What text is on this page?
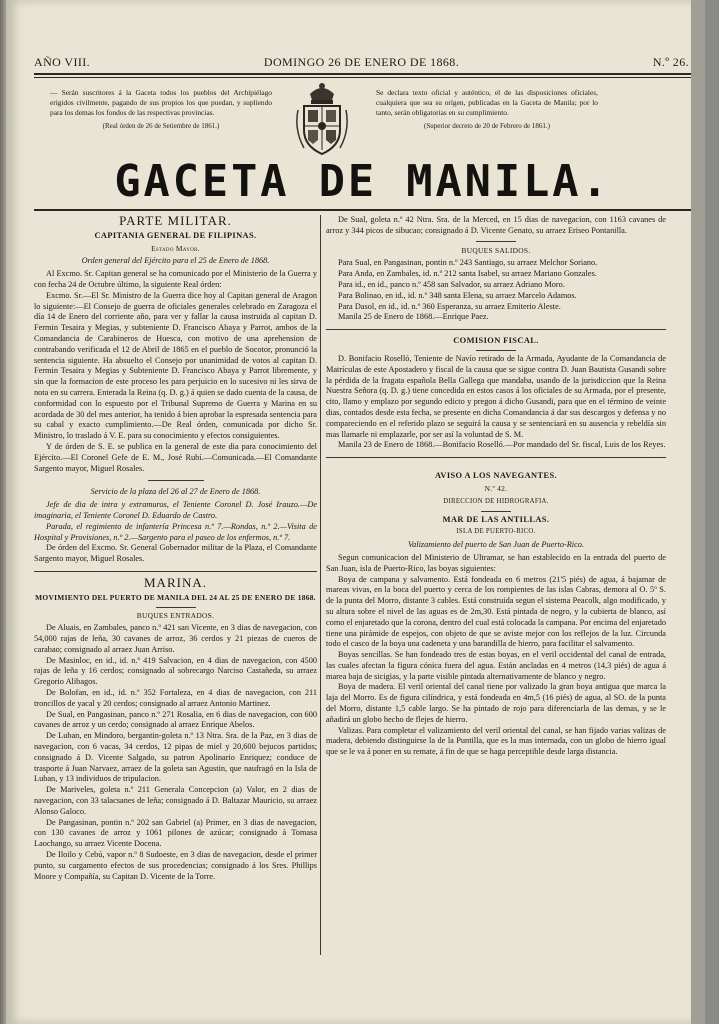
AÑO VIII.	DOMINGO 26 DE ENERO DE 1868.	N.º 26.
— Serán suscritores á la Gaceta todos los pueblos del Archipiélago erigidos civilmente, pagando de sus propios los que puedan, y supliendo para los demas los fondos de las respectivas provincias.
(Real órden de 26 de Setiembre de 1861.)
Se declara texto oficial y auténtico, el de las disposiciones oficiales, cualquiera que sea su orígen, publicadas en la Gaceta de Manila; por lo tanto, serán obligatorias en su cumplimiento.
(Superior decreto de 20 de Febrero de 1861.)
GACETA DE MANILA.
PARTE MILITAR.
CAPITANIA GENERAL DE FILIPINAS.
Estado Mayor.
Orden general del Ejército para el 25 de Enero de 1868.

Al Excmo. Sr. Capitan general se ha comunicado por el Ministerio de la Guerra y con fecha 24 de Octubre último, la siguiente Real órden:

Excmo. Sr.—El Sr. Ministro de la Guerra dice hoy al Capitan general de Aragon lo siguiente:—El Consejo de guerra de oficiales generales celebrado en Zaragoza el día 14 de Enero del corriente año, para ver y fallar la causa instruida al capitan D. Fermin Tesaira y Megias, y subteniente D. Francisco Abaya y Parrot, ambos de la Comandancia de Carabineros de Huesca, con motivo de una aprehension de contrabando verificada el 12 de Abril de 1865 en el pueblo de Socotor, pronunció la sentencia siguiente. Ha absuelto el Consejo por unanimidad de votos al capitan D. Fermin Tesaira y Megias y Subteniente D. Francisco Abaya y Parrot libremente, y sin que la formacion de este proceso les para perjuicio en lo sucesivo ni les sirva de nota en su carrera. Enterada la Reina (q. D. g.) á quien se dado cuenta de la causa, de conformidad con lo espuesto por el Tribunal Supremo de Guerra y Marina en su acordada de 30 del mes anterior, ha tenido á bien aprobar la espresada sentencia para su cabal y exacto cumplimiento.—De Real órden, comunicada por dicho Sr. Ministro, lo traslado á V. E. para su conocimiento y efectos consiguientes.

Y de órden de S. E. se publica en la general de este dia para conocimiento del Ejército.—El Coronel Gefe de E. M., José Rubí.—Comunicada.—El Comandante Sargento mayor, Miguel Rosales.

Servicio de la plaza del 26 al 27 de Enero de 1868.

Jefe de dia de intra y extramuros, el Teniente Coronel D. José Irauzo.—De imaginaria, el Teniente Coronel D. Eduardo de Castro.

Parada, el regimiento de infantería Princesa n.º 7.—Rondas, n.º 2.—Visita de Hospital y Provisiones, n.º 2.—Sargento para el paseo de los enfermos, n.º 7.

De órden del Excmo. Sr. General Gobernador militar de la Plaza, el Comandante Sargento mayor, Miguel Rosales.

MARINA.
MOVIMIENTO DEL PUERTO DE MANILA DEL 24 AL 25 DE ENERO DE 1868.
BUQUES ENTRADOS.

De Aluais, en Zambales, panco n.º 421 san Vicente, en 3 dias de navegacion, con 54,000 rajas de leña, 30 cavanes de arroz, 36 cerdos y 21 piezas de cueros de carabao; consignado al arraez Juan Arriso.

De Masinloc, en id., id. n.º 419 Salvacion, en 4 dias de navegacion, con 4500 rajas de leña y 16 cerdos; consignado al sobrecargo Narciso Castañeda, su arraez Gregorio Alibagos.

De Bolofan, en id., id. n.º 352 Fortaleza, en 4 dias de navegacion, con 211 troncillos de yacal y 20 cerdos; consignado al arraez Antonio Martinez.

De Sual, en Pangasinan, panco n.º 271 Rosalia, en 6 dias de navegacion, con 600 cavanes de arroz y un cerdo; consignado al arraez Enrique Abelos.

De Luban, en Mindoro, bergantin-goleta n.º 13 Ntra. Sra. de la Paz, en 3 dias de navegacion, con 6 vacas, 34 cerdos, 12 pipas de miel y 20,600 bejucos partidos; consignado á D. Vicente Salgado, su patron Apolinario Enriquez; conduce de trasporte á Juan Narvaez, arraez de la goleta san Agustin, que naufragó en la Isla de Luban, y 13 individuos de tripulacion.

De Mariveles, goleta n.º 211 Generala Concepcion (a) Valor, en 2 dias de navegacion, con 33 talacsanes de leña; consignado á D. Baltazar Mauricio, su arraez Alonso Galoco.

De Pangasinan, pontin n.º 202 san Gabriel (a) Primer, en 3 dias de navegacion, con 130 cavanes de arroz y 1061 pilones de azúcar; consignado á Tomasa Laochango, su arraez Vicente Docena.

De Iloilo y Cebú, vapor n.º 8 Sudoeste, en 3 dias de navegacion, desde el primer punto, su cargamento efectos de sus procedencias; consignado á los Sres. Phillips Moore y Compañía, su Capitan D. Vicente de la Torre.

De Sual, goleta n.º 42 Ntra. Sra. de la Merced, en 15 dias de navegacion, con 1163 cavanes de arroz y 344 picos de sibucao; consignado á D. Vicente Genato, su arraez Eriseo Pontanilla.

BUQUES SALIDOS.

Para Sual, en Pangasinan, pontin n.º 243 Santiago, su arraez Melchor Soriano.

Para Anda, en Zambales, id. n.º 212 santa Isabel, su arraez Mariano Gonzales.

Para id., en id., panco n.º 458 san Salvador, su arraez Adriano Moro.

Para Bolinao, en id., id. n.º 348 santa Elena, su arraez Marcelo Adamos.

Para Dasol, en id., id. n.º 360 Esperanza, su arraez Emiterio Aleste.

Manila 25 de Enero de 1868.—Enrique Paez.

COMISION FISCAL.

D. Bonifacio Roselló, Teniente de Navío retirado de la Armada, Ayudante de la Comandancia de Matrículas de este Apostadero y fiscal de la causa que se sigue contra D. Juan Bautista Gusandi sobre la pérdida de la fragata española Bella Gallega que mandaba, usando de la jurisdiccion que la Reina Nuestra Señora (q. D. g.) tiene concedida en estos casos á los oficiales de su Armada, por el presente, cito, llamo y emplazo por segundo edicto y pregon á dicho Gusandi, para que en el término de veinte dias, contados desde esta fecha, se presente en dicha Comandancia á dar sus descargos y defensa y no compareciendo en el referido plazo se seguirá la causa y se sentenciará en su ausencia y rebeldía sin mas llamarle ni emplazarle, por ser así la voluntad de S. M.

Manila 23 de Enero de 1868.—Bonifacio Roselló.—Por mandado del Sr. fiscal, Luis de los Reyes.

AVISO A LOS NAVEGANTES.
N.º 42.
DIRECCION DE HIDROGRAFIA.
MAR DE LAS ANTILLAS.
ISLA DE PUERTO-RICO.
Valizamiento del puerto de San Juan de Puerto-Rico.

Segun comunicacion del Ministerio de Ultramar, se han establecido en la entrada del puerto de San Juan, isla de Puerto-Rico, las boyas siguientes:

Boya de campana y salvamento. Está fondeada en 6 metros (21'5 piés) de agua, á bajamar de mareas vivas, en la boca del puerto y cerca de los rompientes de las islas Cabras, demora al O. 5º S. de la punta del Morro, distante 3 cables. Está construida segun el sistema Peacolk, algo modificado, y su altura sobre el nivel de las aguas es de 2m,30. Está pintada de negro, y la cubierta de blanco, así como el enjaretado que la corona, dentro del cual está colocada la campana. Por encima del enjaretado tiene una pirámide de espejos, con objeto de que se aviste mejor con los reflejos de la luz. Circunda todo el casco de la boya una cadeneta y una barandilla de hierro, para facilitar el salvamento.

Boyas sencillas. Se han fondeado tres de estas boyas, en el veril occidental del canal de entrada, las cuales afectan la figura cónica fuera del agua. Están ancladas en 4 metros (14,3 piés) de agua á marea baja de sicigias, y la parte visible pintada alternativamente de blanco y negro.

Boya de madera. El veril oriental del canal tiene por valizado la gran boya antigua que marca la laja del Morro. Es de figura cilíndrica, y está fondeada en 4m,5 (16 piés) de agua, al SO. de la punta del Morro, distante 1,5 cable largo. Se ha pintado de rojo para diferenciarla de las demas, y se le añadirá un globo hecho de flejes de hierro.

Valizas. Para completar el valizamiento del veril oriental del canal, se han fijado varias valizas de madera, debiendo distinguirse la de la Puntilla, que es la mas internada, con un globo de hierro igual que se le va á poner en su remate, á fin de que se haga perceptible desde larga distancia.
